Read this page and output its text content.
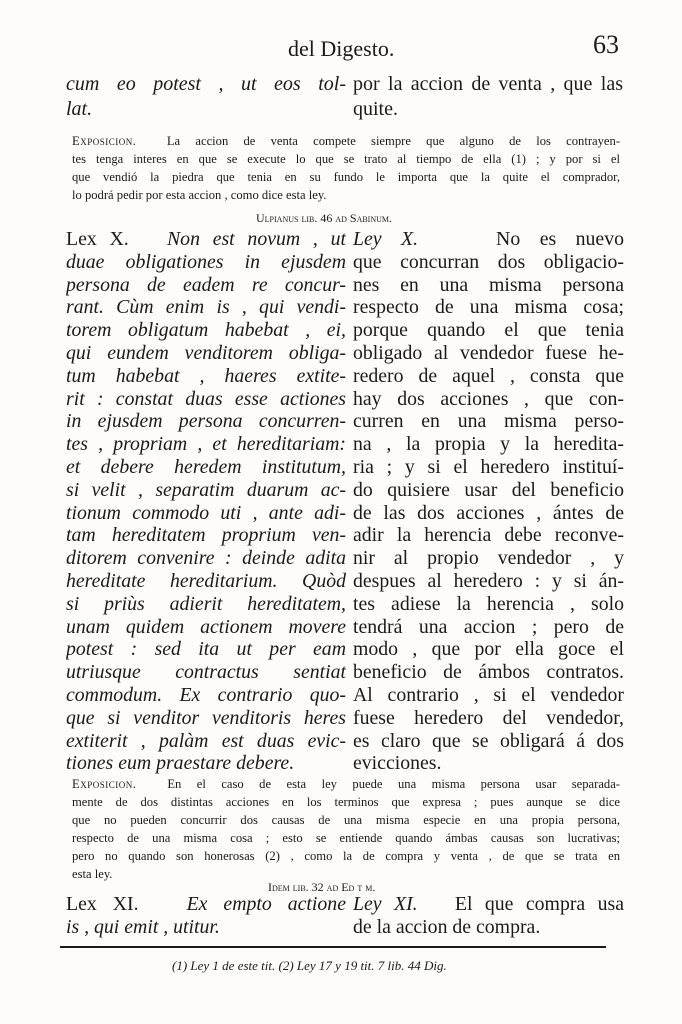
del Digesto.	63
cum eo potest , ut eos tol-
lat.
por la accion de venta , que las
quite.
Exposicion. La accion de venta compete siempre que alguno de los contrayen-
tes tenga interes en que se execute lo que se trato al tiempo de ella (1) ; y por si el
que vendió la piedra que tenia en su fundo le importa que la quite el comprador,
lo podrá pedir por esta accion , como dice esta ley.
Ulpianus lib. 46 ad Sabinum.
Lex X. Non est novum , ut
duae obligationes in ejusdem
persona de eadem re concur-
rant. Cùm enim is , qui vendi-
torem obligatum habebat , ei,
qui eundem venditorem obliga-
tum habebat , haeres extite-
rit : constat duas esse actiones
in ejusdem persona concurren-
tes , propriam , et hereditariam:
et debere heredem institutum,
si velit , separatim duarum ac-
tionum commodo uti , ante adi-
tam hereditatem proprium ven-
ditorem convenire : deinde adita
hereditate hereditarium. Quòd
si priùs adierit hereditatem,
unam quidem actionem movere
potest : sed ita ut per eam
utriusque contractus sentiat
commodum. Ex contrario quo-
que si venditor venditoris heres
extiterit , palàm est duas evic-
tiones eum praestare debere.
Ley X.	No es nuevo
que concurran dos obligacio-
nes en una misma persona
respecto de una misma cosa;
porque quando el que tenia
obligado al vendedor fuese he-
redero de aquel , consta que
hay dos acciones , que con-
curren en una misma perso-
na , la propia y la heredita-
ria ; y si el heredero instituí-
do quisiere usar del beneficio
de las dos acciones , ántes de
adir la herencia debe reconve-
nir al propio vendedor , y
despues al heredero : y si án-
tes adiese la herencia , solo
tendrá una accion ; pero de
modo , que por ella goce el
beneficio de ámbos contratos.
Al contrario , si el vendedor
fuese heredero del vendedor,
es claro que se obligará á dos
evicciones.
Exposicion. En el caso de esta ley puede una misma persona usar separada-
mente de dos distintas acciones en los terminos que expresa ; pues aunque se dice
que no pueden concurrir dos causas de una misma especie en una propia persona,
respecto de una misma cosa ; esto se entiende quando ámbas causas son lucrativas;
pero no quando son honerosas (2) , como la de compra y venta , de que se trata en
esta ley.
Idem lib. 32 ad Ed t m.
Lex XI. Ex empto actione
is , qui emit , utitur.
Ley XI. El que compra usa
de la accion de compra.
(1) Ley 1 de este tit. (2) Ley 17 y 19 tit. 7 lib. 44 Dig.
